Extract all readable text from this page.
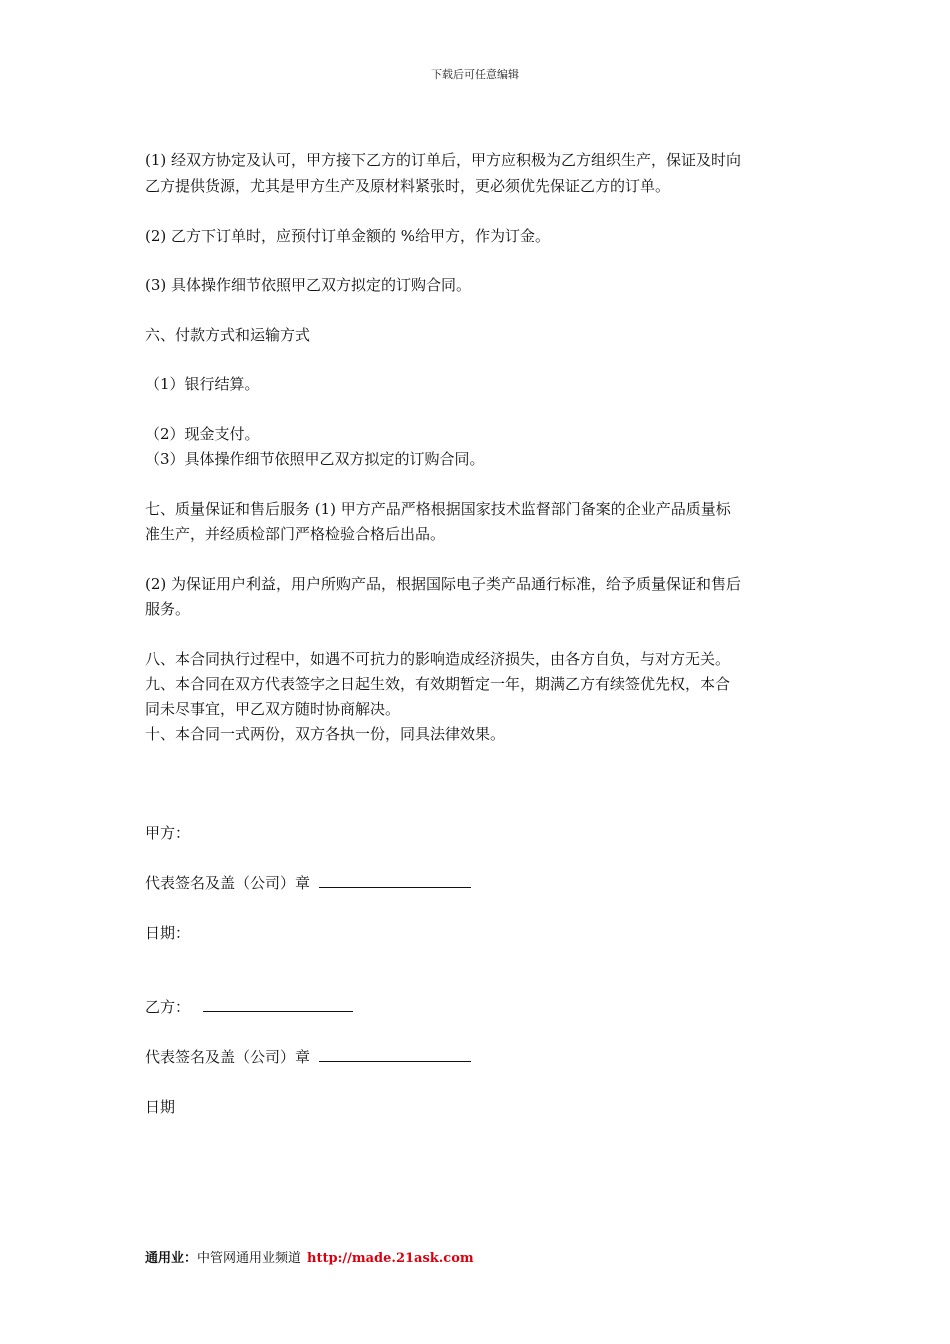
下载后可任意编辑
(1) 经双方协定及认可，甲方接下乙方的订单后，甲方应积极为乙方组织生产，保证及时向
乙方提供货源，尤其是甲方生产及原材料紧张时，更必须优先保证乙方的订单。
(2) 乙方下订单时，应预付订单金额的 %给甲方，作为订金。
(3) 具体操作细节依照甲乙双方拟定的订购合同。
六、付款方式和运输方式
（1）银行结算。
（2）现金支付。
（3）具体操作细节依照甲乙双方拟定的订购合同。
七、质量保证和售后服务 (1) 甲方产品严格根据国家技术监督部门备案的企业产品质量标
准生产，并经质检部门严格检验合格后出品。
(2) 为保证用户利益，用户所购产品，根据国际电子类产品通行标准，给予质量保证和售后
服务。
八、本合同执行过程中，如遇不可抗力的影响造成经济损失，由各方自负，与对方无关。
九、本合同在双方代表签字之日起生效，有效期暂定一年，期满乙方有续签优先权，本合
同未尽事宜，甲乙双方随时协商解决。
十、本合同一式两份，双方各执一份，同具法律效果。
甲方：
代表签名及盖（公司）章
日期：
乙方：
代表签名及盖（公司）章
日期
通用业：中管网通用业频道 http://made.21ask.com
